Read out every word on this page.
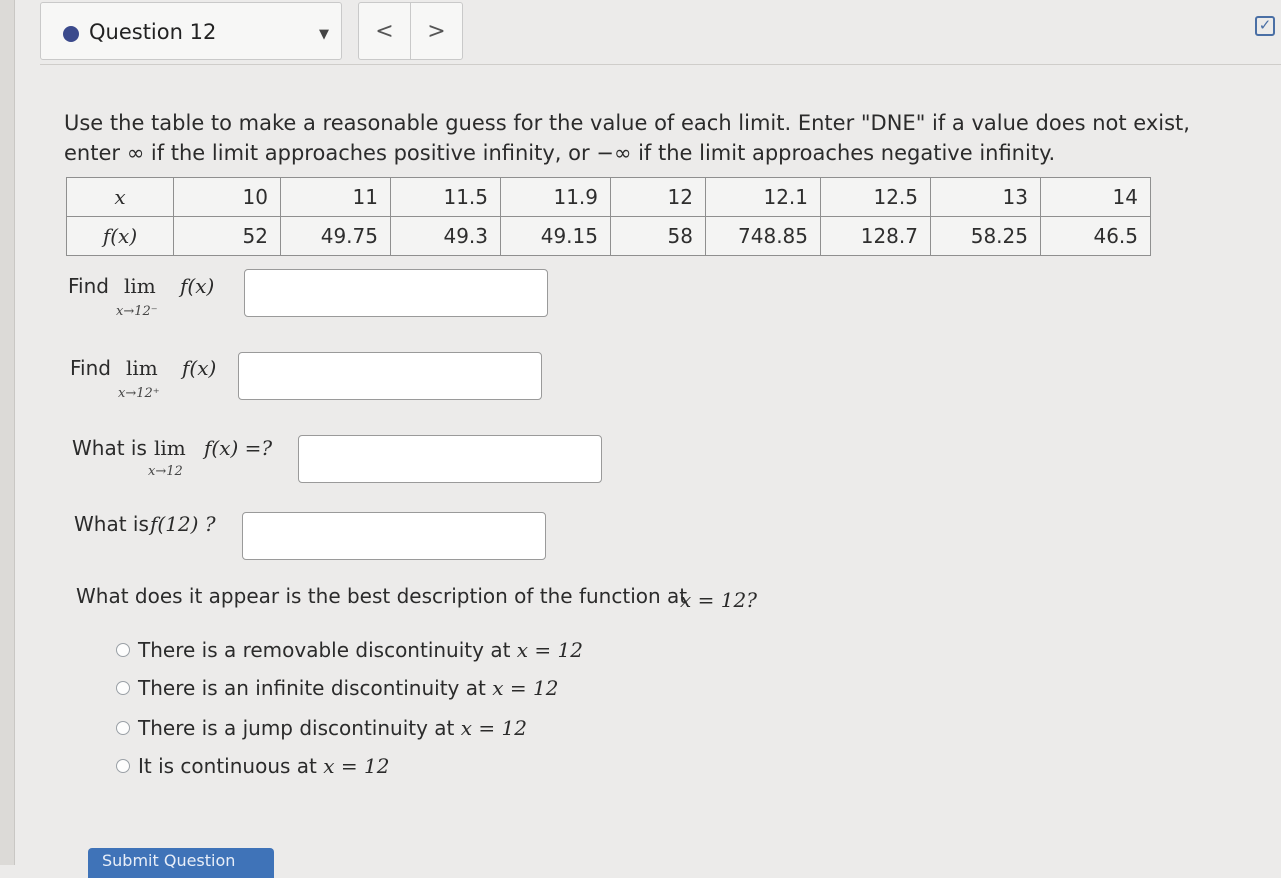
Question 12	▼	<	>	✓
Use the table to make a reasonable guess for the value of each limit. Enter "DNE" if a value does not exist,
enter ∞ if the limit approaches positive infinity, or −∞ if the limit approaches negative infinity.
x	10	11	11.5	11.9	12	12.1	12.5	13	14
f(x)	52	49.75	49.3	49.15	58	748.85	128.7	58.25	46.5
Find lim f(x)
x→12⁻
Find lim f(x)
x→12⁺
What is lim f(x) =?
x→12
What is f(12) ?
What does it appear is the best description of the function at
x = 12?
There is a removable discontinuity at
x = 12
There is an infinite discontinuity at
x = 12
There is a jump discontinuity at
x = 12
It is continuous at
x = 12
Submit Question
